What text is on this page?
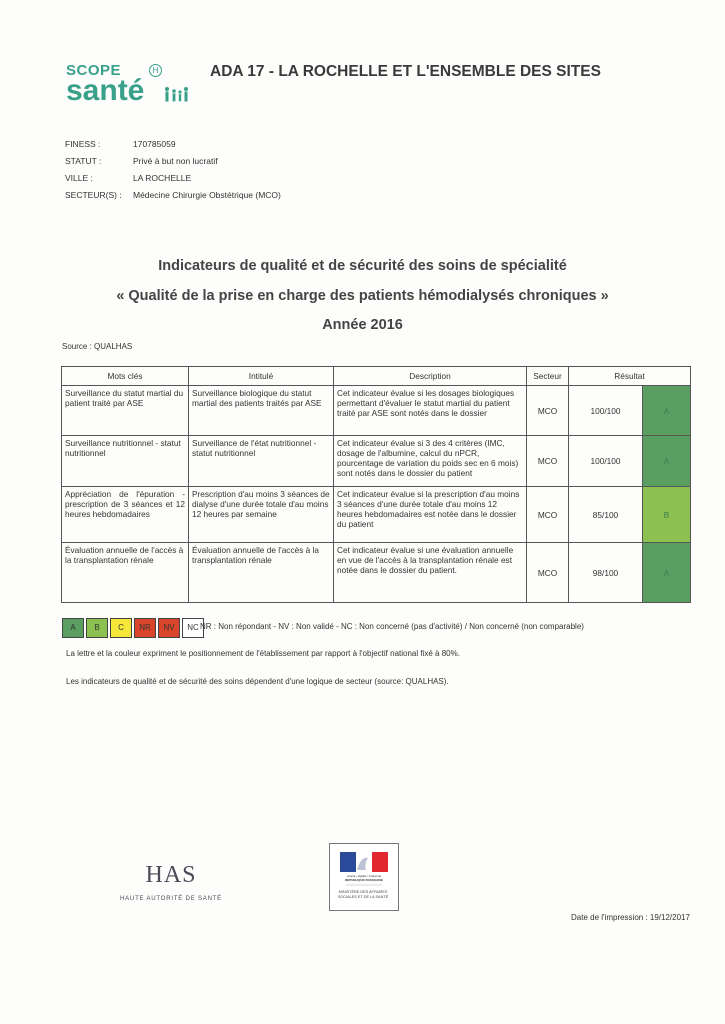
SCOPE	H
santé
ADA 17 - LA ROCHELLE ET L'ENSEMBLE DES SITES
FINESS :	170785059
STATUT :	Privé à but non lucratif
VILLE :	LA ROCHELLE
SECTEUR(S) :	Médecine Chirurgie Obstétrique (MCO)
Indicateurs de qualité et de sécurité des soins de spécialité
« Qualité de la prise en charge des patients hémodialysés chroniques »
Année 2016
Source : QUALHAS
Mots clés	Intitulé	Description	Secteur	Résultat	
Surveillance du statut martial du patient traité par ASE	Surveillance biologique du statut martial des patients traités par ASE	Cet indicateur évalue si les dosages biologiques permettant d'évaluer le statut martial du patient traité par ASE sont notés dans le dossier	MCO	100/100	A
Surveillance nutritionnel - statut nutritionnel	Surveillance de l'état nutritionnel - statut nutritionnel	Cet indicateur évalue si 3 des 4 critères (IMC, dosage de l'albumine, calcul du nPCR, pourcentage de variation du poids sec en 6 mois) sont notés dans le dossier du patient	MCO	100/100	A
Appréciation de l'épuration - prescription de 3 séances et 12 heures hebdomadaires	Prescription d'au moins 3 séances de dialyse d'une durée totale d'au moins 12 heures par semaine	Cet indicateur évalue si la prescription d'au moins 3 séances d'une durée totale d'au moins 12 heures hebdomadaires est notée dans le dossier du patient	MCO	85/100	B
Évaluation annuelle de l'accès à la transplantation rénale	Évaluation annuelle de l'accès à la transplantation rénale	Cet indicateur évalue si une évaluation annuelle en vue de l'accès à la transplantation rénale est notée dans le dossier du patient.	MCO	98/100	A
A	B	C	NR	NV	NC NR : Non répondant - NV : Non validé - NC : Non concerné (pas d'activité) / Non concerné (non comparable)
La lettre et la couleur expriment le positionnement de l'établissement par rapport à l'objectif national fixé à 80%.
Les indicateurs de qualité et de sécurité des soins dépendent d'une logique de secteur (source: QUALHAS).
HAS
HAUTE AUTORITÉ DE SANTÉ
Liberté • Égalité • Fraternité
RÉPUBLIQUE FRANÇAISE
MINISTÈRE DES AFFAIRES SOCIALES ET DE LA SANTÉ
Date de l'impression : 19/12/2017
